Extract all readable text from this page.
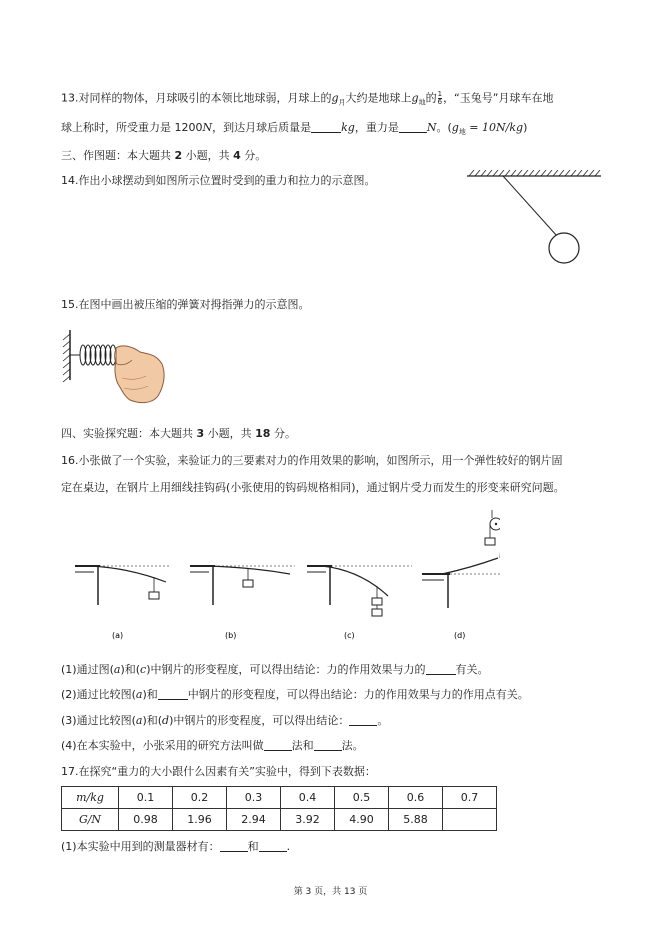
13.对同样的物体，月球吸引的本领比地球弱，月球上的$g_月$大约是地球上$g_地$的 $\frac{1}{6}$ ，“玉兔号”月球车在地
球上称时，所受重力是 1200N，到达月球后质量是	kg，重力是	N。$(g_地 = 10N/kg)$
三、作图题：本大题共 2 小题，共 4 分。
14.作出小球摆动到如图所示位置时受到的重力和拉力的示意图。
15.在图中画出被压缩的弹簧对拇指弹力的示意图。
四、实验探究题：本大题共 3 小题，共 18 分。
16.小张做了一个实验，来验证力的三要素对力的作用效果的影响，如图所示，用一个弹性较好的钢片固
定在桌边，在钢片上用细线挂钩码(小张使用的钩码规格相同)，通过钢片受力而发生的形变来研究问题。
(a)	(b)	(c)	(d)
(1)通过图(a)和(c)中钢片的形变程度，可以得出结论：力的作用效果与力的	有关。
(2)通过比较图(a)和	中钢片的形变程度，可以得出结论：力的作用效果与力的作用点有关。
(3)通过比较图(a)和(d)中钢片的形变程度，可以得出结论：	。
(4)在本实验中，小张采用的研究方法叫做	法和	法。
17.在探究“重力的大小跟什么因素有关”实验中，得到下表数据：
m/kg	0.1	0.2	0.3	0.4	0.5	0.6	0.7
G/N	0.98	1.96	2.94	3.92	4.90	5.88	
(1)本实验中用到的测量器材有：	和	.
第 3 页，共 13 页
